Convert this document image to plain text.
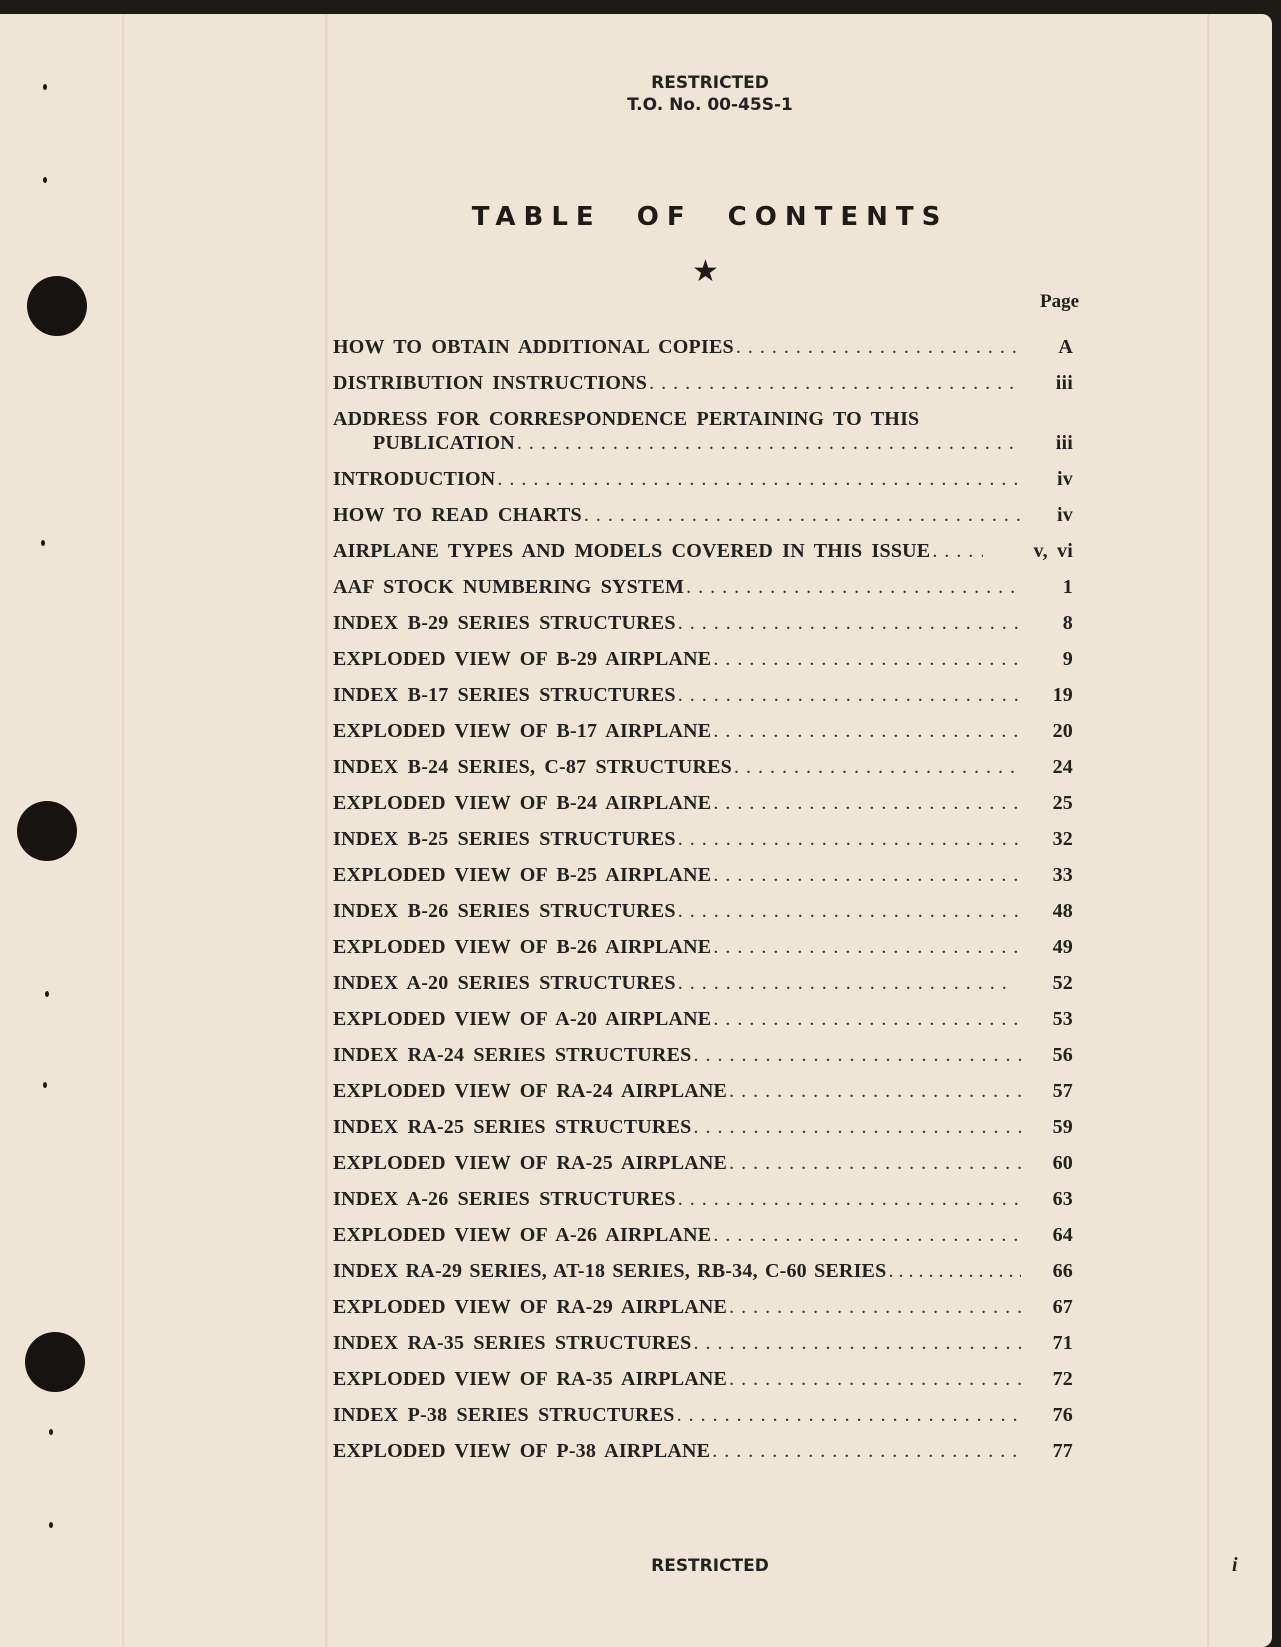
RESTRICTED
T.O. No. 00-45S-1
TABLE OF CONTENTS
★
Page
HOW TO OBTAIN ADDITIONAL COPIES . . .	A
DISTRIBUTION INSTRUCTIONS . . .	iii
ADDRESS FOR CORRESPONDENCE PERTAINING TO THIS
PUBLICATION . . .	iii
INTRODUCTION . . .	iv
HOW TO READ CHARTS . . .	iv
AIRPLANE TYPES AND MODELS COVERED IN THIS ISSUE . . .	v, vi
AAF STOCK NUMBERING SYSTEM . . .	1
INDEX B-29 SERIES STRUCTURES . . .	8
EXPLODED VIEW OF B-29 AIRPLANE . . .	9
INDEX B-17 SERIES STRUCTURES . . .	19
EXPLODED VIEW OF B-17 AIRPLANE . . .	20
INDEX B-24 SERIES, C-87 STRUCTURES . . .	24
EXPLODED VIEW OF B-24 AIRPLANE . . .	25
INDEX B-25 SERIES STRUCTURES . . .	32
EXPLODED VIEW OF B-25 AIRPLANE . . .	33
INDEX B-26 SERIES STRUCTURES . . .	48
EXPLODED VIEW OF B-26 AIRPLANE . . .	49
INDEX A-20 SERIES STRUCTURES . . .	52
EXPLODED VIEW OF A-20 AIRPLANE . . .	53
INDEX RA-24 SERIES STRUCTURES . . .	56
EXPLODED VIEW OF RA-24 AIRPLANE . . .	57
INDEX RA-25 SERIES STRUCTURES . . .	59
EXPLODED VIEW OF RA-25 AIRPLANE . . .	60
INDEX A-26 SERIES STRUCTURES . . .	63
EXPLODED VIEW OF A-26 AIRPLANE . . .	64
INDEX RA-29 SERIES, AT-18 SERIES, RB-34, C-60 SERIES . . .	66
EXPLODED VIEW OF RA-29 AIRPLANE . . .	67
INDEX RA-35 SERIES STRUCTURES . . .	71
EXPLODED VIEW OF RA-35 AIRPLANE . . .	72
INDEX P-38 SERIES STRUCTURES . . .	76
EXPLODED VIEW OF P-38 AIRPLANE . . .	77
RESTRICTED	i
